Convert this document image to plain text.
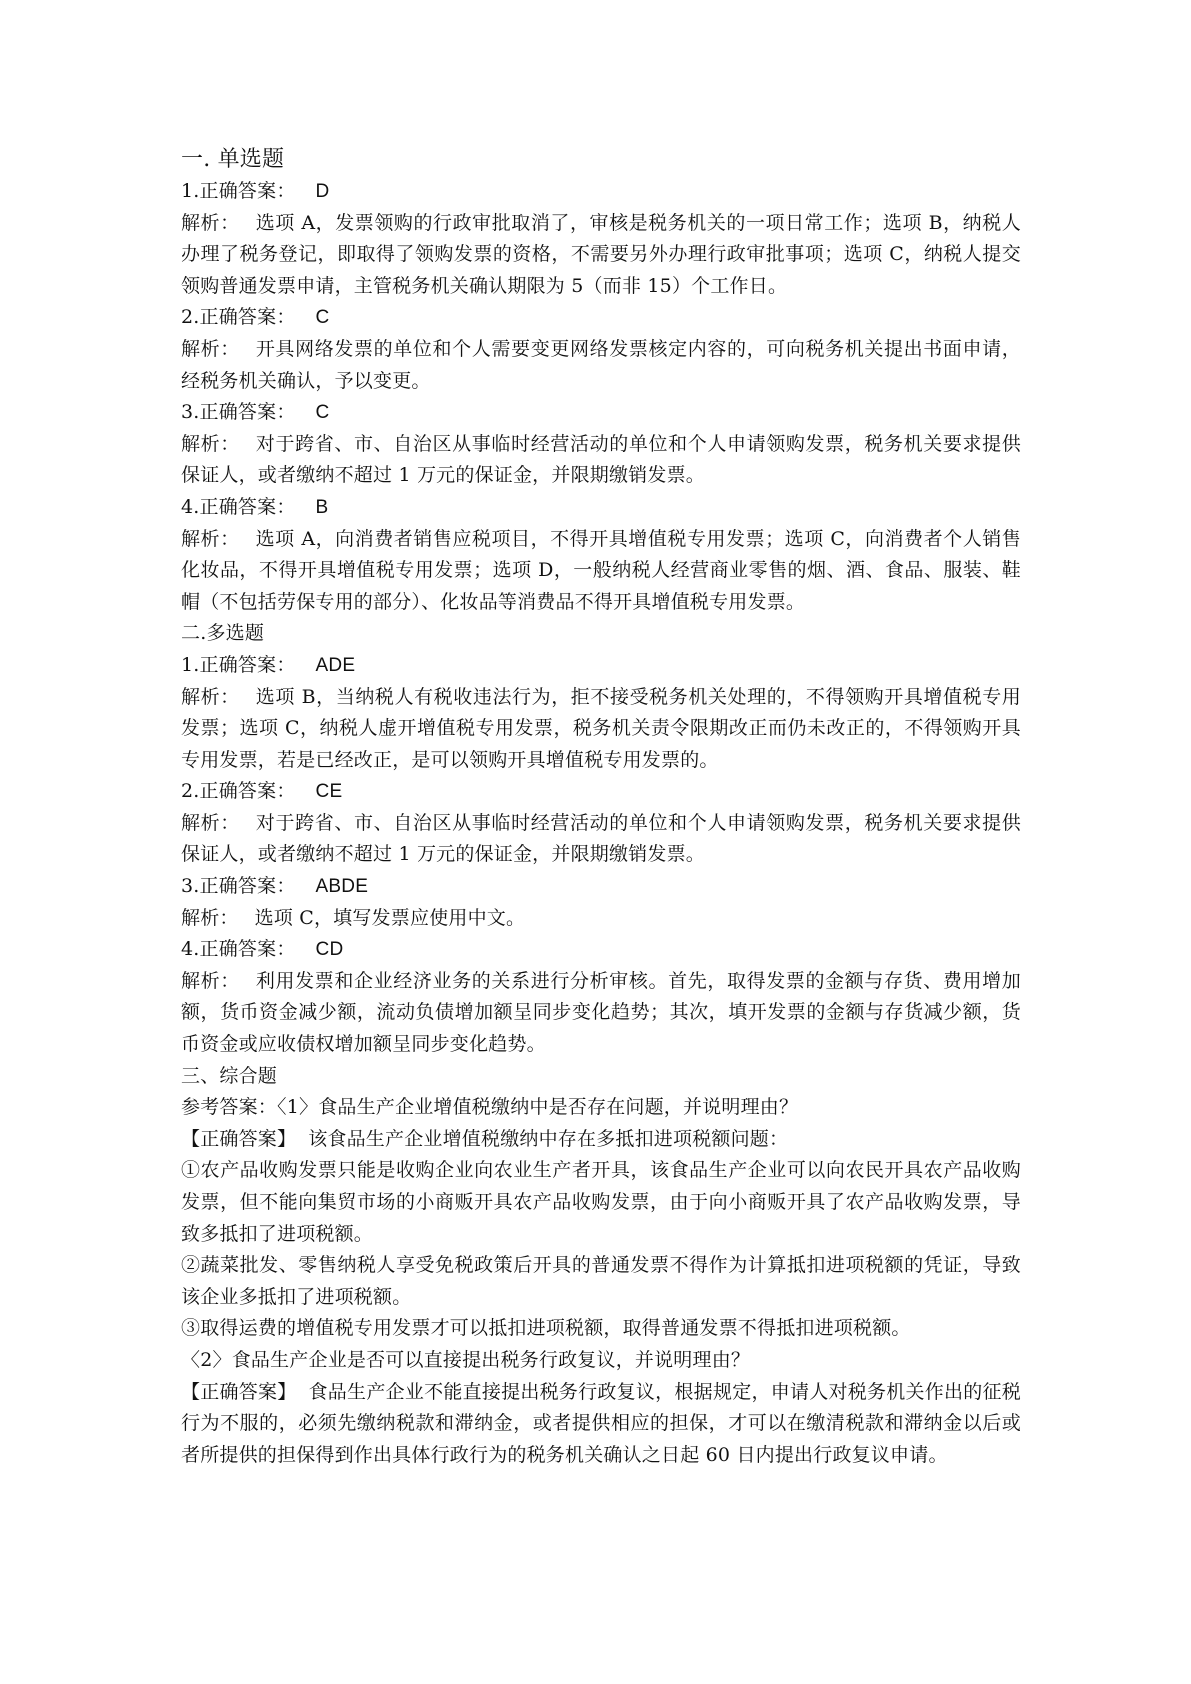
一. 单选题

1.正确答案： D

解析： 选项 A，发票领购的行政审批取消了，审核是税务机关的一项日常工作；选项 B，纳税人办理了税务登记，即取得了领购发票的资格，不需要另外办理行政审批事项；选项 C，纳税人提交领购普通发票申请，主管税务机关确认期限为 5（而非 15）个工作日。

2.正确答案： C

解析： 开具网络发票的单位和个人需要变更网络发票核定内容的，可向税务机关提出书面申请，经税务机关确认，予以变更。

3.正确答案： C

解析： 对于跨省、市、自治区从事临时经营活动的单位和个人申请领购发票，税务机关要求提供保证人，或者缴纳不超过 1 万元的保证金，并限期缴销发票。

4.正确答案： B

解析： 选项 A，向消费者销售应税项目，不得开具增值税专用发票；选项 C，向消费者个人销售化妆品，不得开具增值税专用发票；选项 D，一般纳税人经营商业零售的烟、酒、食品、服装、鞋帽（不包括劳保专用的部分）、化妆品等消费品不得开具增值税专用发票。

二.多选题

1.正确答案： ADE

解析： 选项 B，当纳税人有税收违法行为，拒不接受税务机关处理的，不得领购开具增值税专用发票；选项 C，纳税人虚开增值税专用发票，税务机关责令限期改正而仍未改正的，不得领购开具专用发票，若是已经改正，是可以领购开具增值税专用发票的。

2.正确答案： CE

解析： 对于跨省、市、自治区从事临时经营活动的单位和个人申请领购发票，税务机关要求提供保证人，或者缴纳不超过 1 万元的保证金，并限期缴销发票。

3.正确答案： ABDE

解析： 选项 C，填写发票应使用中文。

4.正确答案： CD

解析： 利用发票和企业经济业务的关系进行分析审核。首先，取得发票的金额与存货、费用增加额，货币资金减少额，流动负债增加额呈同步变化趋势；其次，填开发票的金额与存货减少额，货币资金或应收债权增加额呈同步变化趋势。

三、综合题

参考答案：〈1〉食品生产企业增值税缴纳中是否存在问题，并说明理由？

【正确答案】 该食品生产企业增值税缴纳中存在多抵扣进项税额问题：

①农产品收购发票只能是收购企业向农业生产者开具，该食品生产企业可以向农民开具农产品收购发票，但不能向集贸市场的小商贩开具农产品收购发票，由于向小商贩开具了农产品收购发票，导致多抵扣了进项税额。

②蔬菜批发、零售纳税人享受免税政策后开具的普通发票不得作为计算抵扣进项税额的凭证，导致该企业多抵扣了进项税额。

③取得运费的增值税专用发票才可以抵扣进项税额，取得普通发票不得抵扣进项税额。

〈2〉食品生产企业是否可以直接提出税务行政复议，并说明理由？

【正确答案】 食品生产企业不能直接提出税务行政复议，根据规定，申请人对税务机关作出的征税行为不服的，必须先缴纳税款和滞纳金，或者提供相应的担保，才可以在缴清税款和滞纳金以后或者所提供的担保得到作出具体行政行为的税务机关确认之日起 60 日内提出行政复议申请。
